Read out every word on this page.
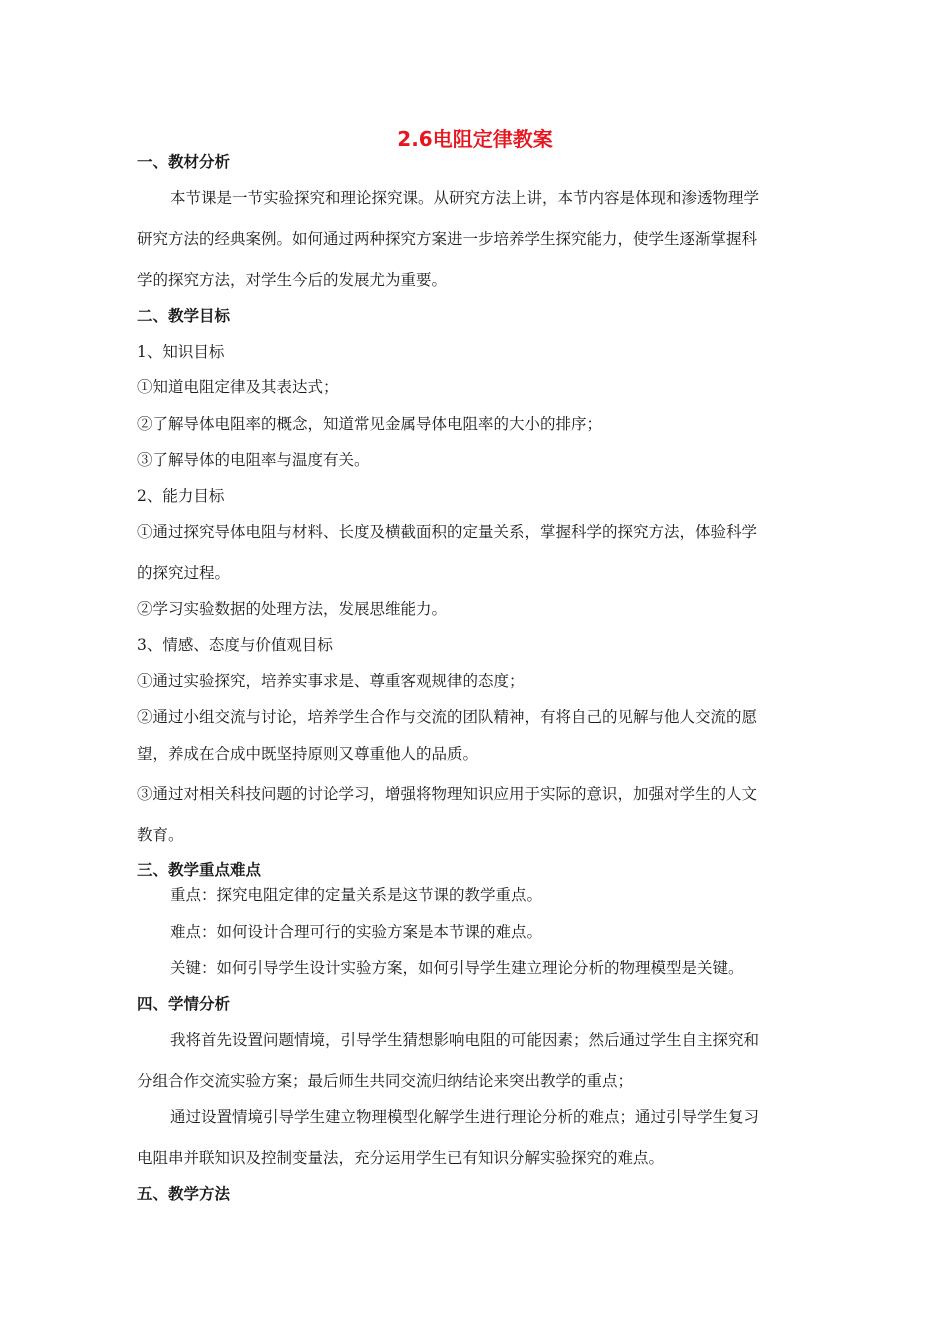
2.6电阻定律教案
一、教材分析
本节课是一节实验探究和理论探究课。从研究方法上讲，本节内容是体现和渗透物理学
研究方法的经典案例。如何通过两种探究方案进一步培养学生探究能力，使学生逐渐掌握科
学的探究方法，对学生今后的发展尤为重要。
二、教学目标
1、知识目标
①知道电阻定律及其表达式；
②了解导体电阻率的概念，知道常见金属导体电阻率的大小的排序；
③了解导体的电阻率与温度有关。
2、能力目标
①通过探究导体电阻与材料、长度及横截面积的定量关系，掌握科学的探究方法，体验科学
的探究过程。
②学习实验数据的处理方法，发展思维能力。
3、情感、态度与价值观目标
①通过实验探究，培养实事求是、尊重客观规律的态度；
②通过小组交流与讨论，培养学生合作与交流的团队精神，有将自己的见解与他人交流的愿
望，养成在合成中既坚持原则又尊重他人的品质。
③通过对相关科技问题的讨论学习，增强将物理知识应用于实际的意识，加强对学生的人文
教育。
三、教学重点难点
重点：探究电阻定律的定量关系是这节课的教学重点。
难点：如何设计合理可行的实验方案是本节课的难点。
关键：如何引导学生设计实验方案，如何引导学生建立理论分析的物理模型是关键。
四、学情分析
我将首先设置问题情境，引导学生猜想影响电阻的可能因素；然后通过学生自主探究和
分组合作交流实验方案；最后师生共同交流归纳结论来突出教学的重点；
通过设置情境引导学生建立物理模型化解学生进行理论分析的难点；通过引导学生复习
电阻串并联知识及控制变量法，充分运用学生已有知识分解实验探究的难点。
五、教学方法
